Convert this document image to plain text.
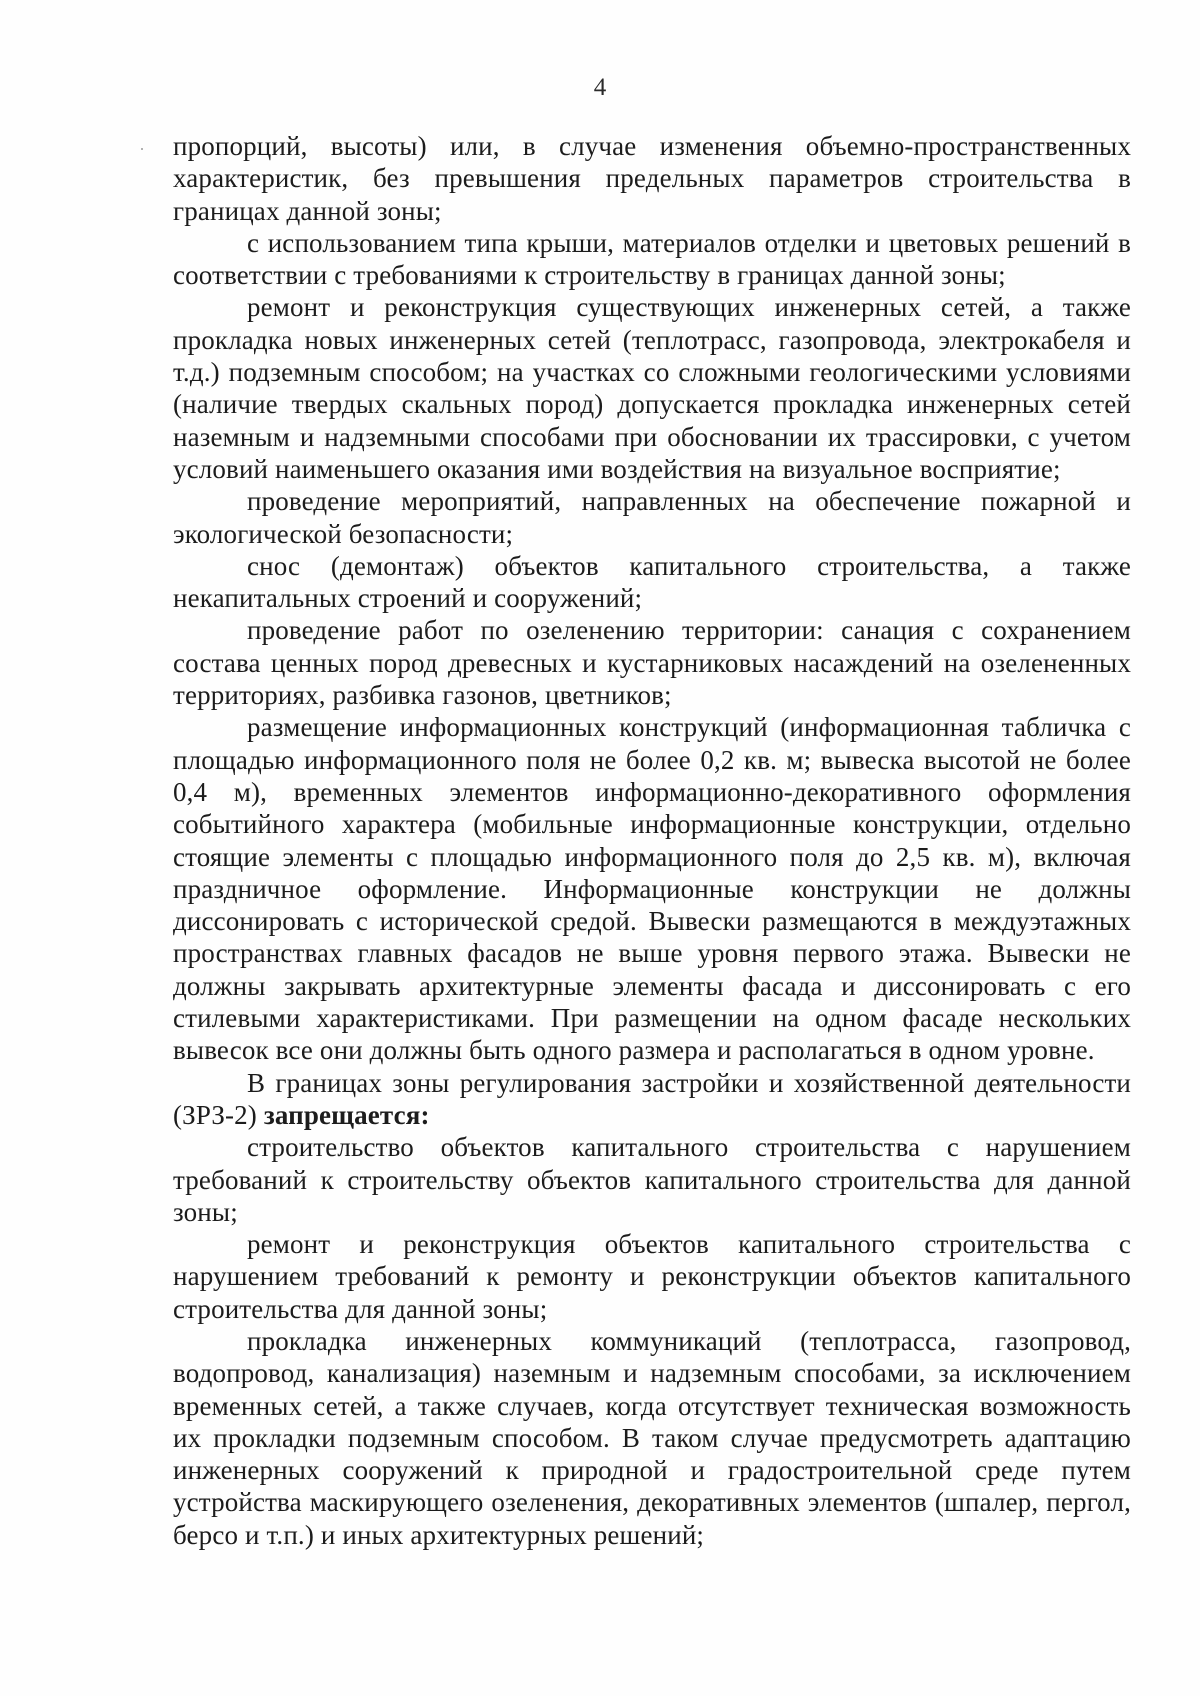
4

пропорций, высоты) или, в случае изменения объемно-пространственных характеристик, без превышения предельных параметров строительства в границах данной зоны;

с использованием типа крыши, материалов отделки и цветовых решений в соответствии с требованиями к строительству в границах данной зоны;

ремонт и реконструкция существующих инженерных сетей, а также прокладка новых инженерных сетей (теплотрасс, газопровода, электрокабеля и т.д.) подземным способом; на участках со сложными геологическими условиями (наличие твердых скальных пород) допускается прокладка инженерных сетей наземным и надземными способами при обосновании их трассировки, с учетом условий наименьшего оказания ими воздействия на визуальное восприятие;

проведение мероприятий, направленных на обеспечение пожарной и экологической безопасности;

снос (демонтаж) объектов капитального строительства, а также некапитальных строений и сооружений;

проведение работ по озеленению территории: санация с сохранением состава ценных пород древесных и кустарниковых насаждений на озелененных территориях, разбивка газонов, цветников;

размещение информационных конструкций (информационная табличка с площадью информационного поля не более 0,2 кв. м; вывеска высотой не более 0,4 м), временных элементов информационно-декоративного оформления событийного характера (мобильные информационные конструкции, отдельно стоящие элементы с площадью информационного поля до 2,5 кв. м), включая праздничное оформление. Информационные конструкции не должны диссонировать с исторической средой. Вывески размещаются в междуэтажных пространствах главных фасадов не выше уровня первого этажа. Вывески не должны закрывать архитектурные элементы фасада и диссонировать с его стилевыми характеристиками. При размещении на одном фасаде нескольких вывесок все они должны быть одного размера и располагаться в одном уровне.

В границах зоны регулирования застройки и хозяйственной деятельности (ЗРЗ-2) запрещается:

строительство объектов капитального строительства с нарушением требований к строительству объектов капитального строительства для данной зоны;

ремонт и реконструкция объектов капитального строительства с нарушением требований к ремонту и реконструкции объектов капитального строительства для данной зоны;

прокладка инженерных коммуникаций (теплотрасса, газопровод, водопровод, канализация) наземным и надземным способами, за исключением временных сетей, а также случаев, когда отсутствует техническая возможность их прокладки подземным способом. В таком случае предусмотреть адаптацию инженерных сооружений к природной и градостроительной среде путем устройства маскирующего озеленения, декоративных элементов (шпалер, пергол, берсо и т.п.) и иных архитектурных решений;
